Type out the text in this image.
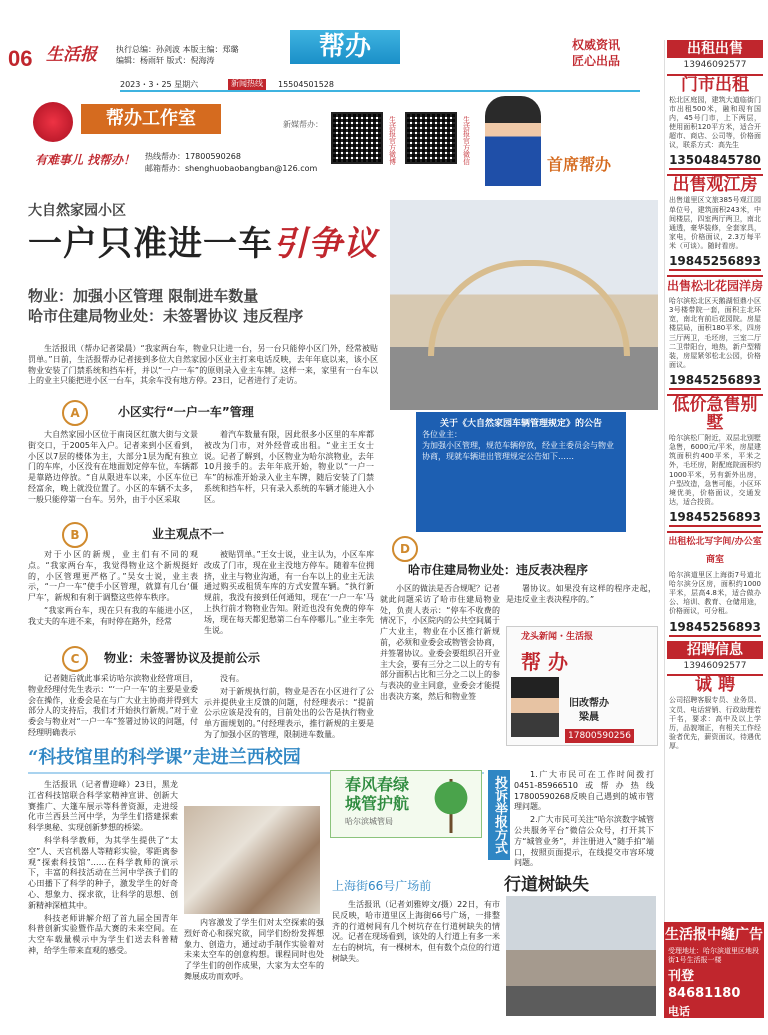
06 生活报 执行总编：孙剑波 本版主编：郑璐
编辑：杨雨轩 版式：倪海涛	帮办	权威资讯
匠心出品
2023・3・25 星期六	新闻热线	15504501528
帮办工作室
有难事儿 找帮办！ 热线帮办：17800590268
邮箱帮办：shenghuobaobangban@126.com
新媒帮办：	生活报官方微博	生活报官方微信	首席帮办
大自然家园小区
一户只准进一车引争议
物业：加强小区管理 限制进车数量
哈市住建局物业处：未签署协议 违反程序

生活报讯（帮办记者梁晨）“我家两台车，物业只让进一台，另一台只能停小区门外，经常被贴罚单。”日前，生活报帮办记者接到多位大自然家园小区业主打来电话反映，去年年底以来，该小区物业安装了门禁系统和挡车杆，并以“一户一车”的原则录入业主车牌。这样一来，家里有一台车以上的业主只能把进小区一台车，其余车没有地方停。23日，记者进行了走访。

关于《大自然家园车辆管理规定》的公告
各位业主：
为加强小区管理，规范车辆停放，经业主委员会与物业协商，现就车辆进出管理规定公告如下……
A	小区实行“一户一车”管理

大自然家园小区位于南岗区红旗大街与文景街交口，于2005年入户。记者来到小区看到，小区以7层的楼体为主，大部分1层为配有独立门的车库，小区没有在地面划定停车位，车辆都是靠路边停放。“自从限进车以来，小区车位已经富余，晚上就没位置了。小区的车辆不太多，一般只能停第一台车。另外，由于小区采取

着汽车数量有限，因此很多小区里的车库都被改为门市，对外经营或出租。“业主王女士说。记者了解到，小区物业为哈尔滨物业，去年10月接手的。去年年底开始，物业以“一户一车”的标准开始录入业主车牌，随后安装了门禁系统和挡车杆，只有录入系统的车辆才能进入小区。

B	业主观点不一

对于小区的新规，业主们有不同的观点。“我家两台车，我觉得物业这个新规挺好的，小区管理更严格了。”吴女士说，业主表示，“一户一车”使手小区管理，就算有几台‘僵尸车’，新规和有利于调整这些停车秩序。

“我家两台车，现在只有我的车能进小区，我丈夫的车进不来，有时停在路外，经常

被贴罚单。”王女士说，业主认为，小区车库改成了门市，现在业主没地方停车。随着车位拥挤，业主与物业沟通，有一台车以上的业主无法通过购买或租赁车库的方式安置车辆。“执行新规前，我没有接到任何通知，现在‘一户一车’马上执行前才物物业告知。附近也没有免费的停车场，现在每天都犯愁第二台车停哪儿。”业主李先生说。

C	物业：未签署协议及提前公示

记者随后就此事采访哈尔滨物业经营项目，物业经理付先生表示：“‘一户一车’的主要是业委会在操作，业委会是在与广大业主协商并得到大部分人的支持后，我们才开始执行新规。”对于业委会与物业对“一户一车”签署过协议的问题，付经理明确表示

没有。

对于新规执行前，物业是否在小区进行了公示并提供业主反馈的问题，付经理表示：“提前公示应该是没有的，目前处出的公告是执行物业单方面规划的。”付经理表示，推行新规的主要是为了加强小区的管理，限制进车数量。

D
哈市住建局物业处：违反表决程序

小区的做法是否合规呢？记者就此问题采访了哈市住建局物业处，负责人表示：“停车不收费的情况下，小区院内的公共空间属于广大业主，物业在小区推行新规前，必须和业委会或物管会协商，并签署协议。业委会要组织召开业主大会，要有三分之二以上的专有部分面积占比和三分之二以上的参与表决的业主同意，业委会才能提出表决方案，然后和物业签

署协议。如果没有这样的程序走起，是违反业主表决程序的。”

龙头新闻・生活报
帮 办
旧改帮办
梁晨
17800590256
“科技馆里的科学课”走进兰西校园

生活报讯（记者曹迎峰）23日，黑龙江省科技馆联合科学家精神宣讲、创新大赛推广、大篷车展示等科普资源，走进绥化市兰西县兰河中学，为学生们搭建探索科学奥秘、实现创新梦想的桥梁。

科学科学教师，为其学生提供了“太空”人、天宫机器人等精彩实验，零距离参观“探索科技馆”……在科学教师的演示下，丰富的科技活动在兰河中学孩子们的心田播下了科学的种子，激发学生的好奇心、想象力、探求欲，让科学的思想、创新精神深植其中。

科技老师讲解介绍了首九届全国青年科普创新实验暨作品大赛的未来空间。在大空车载量模示中为学生们送去科普精神，给学生带来直观的感受。

内容激发了学生们对太空探索的强烈好奇心和探究欲，同学们纷纷发挥想象力、创造力，通过动手制作实验着对未来太空车的创意构想。课程同时也处了学生们的创作成果，大家为太空车的舞展成功而欢呼。

春风春绿
城管护航
哈尔滨城管局	投诉举报方式

1.广大市民可在工作时间拨打0451-85966510或帮办热线17800590268反映自己遇到的城市管理问题。

2.广大市民可关注“哈尔滨数字城管公共服务平台”微信公众号，打开其下方“城管业务”，并注册进入“随手拍”端口，按照页面提示，在线提交市容环境问题。

上海街66号广场前	行道树缺失

生活报讯（记者刘雅婷文/摄）22日，有市民反映，哈市道里区上海街66号广场，一排整齐的行道树间有几个树坑存在行道树缺失的情况。记者在现场看到，该处的人行道上有多一米左右的树坑，有一棵树木，但有数个点位的行道树缺失。

出租出售
13946092577
门市出租
松北区庭园，建筑大道临街门市出租500米，融和现有国内，45号门市，上下两层，使用面积120平方米，适合开超市、商店、公司等，价格面议，联系方式：高先生
13504845780
出售观江房
出售道里区文旅385号观江园单位号，建筑面积243米，中间楼层，四室两厅两卫，南北通透，豪华装修，全套家具，家电，价格面议，2.3万每平米（可谈）。随时看房。
19845256893
出售松北花园洋房
哈尔滨松北区天鹅湖恒鼎小区3号楼带院一套，面积主北环宽，南北有前后花园院。房屋楼层局，面积180平米，四房三厅两卫，毛坯房，三室二厅二卫带阳台，地热，新户型精装，房屋紧邻松北公园，价格面议。
19845256893
低价急售别墅
哈尔滨松厂附近，双层北别墅急售，6000元/平米，房屋建筑面积约400平米，平米之外，毛坯房，附配庭院面积约1000平米，另有新外出房，户型改造，急售可能，小区环境优美，价格面议，交通发达，适合投资。
19845256893
出租松北写字间/办公室商室
哈尔滨道里区上海街7号道北哈尔滨分区房，面积约1000平米，层高4.8米，适合做办公、培训、教育、仓储用途，价格面议，可分租。
19845256893
招聘信息
13946092577
诚 聘
公司招聘客服专员、业务员、文员、电话营销、行政助理若干名，要求：高中及以上学历，品貌端正，有相关工作经验者优先，薪资面议，待遇优厚。
生活报中缝广告
受理地址：哈尔滨道里区地段街1号生活报一楼
刊登 84681180
电话 15004697804
